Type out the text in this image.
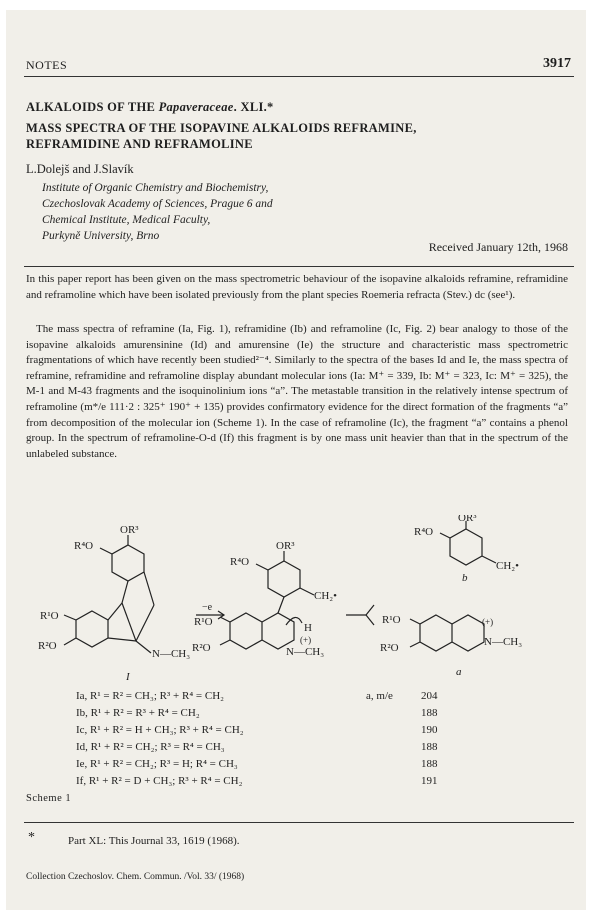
NOTES	3917
ALKALOIDS OF THE Papaveraceae. XLI.*
MASS SPECTRA OF THE ISOPAVINE ALKALOIDS REFRAMINE,
REFRAMIDINE AND REFRAMOLINE
L.Dolejš and J.Slavík
Institute of Organic Chemistry and Biochemistry,
Czechoslovak Academy of Sciences, Prague 6 and
Chemical Institute, Medical Faculty,
Purkyně University, Brno
Received January 12th, 1968
In this paper report has been given on the mass spectrometric behaviour of the isopavine alkaloids reframine, reframidine and reframoline which have been isolated previously from the plant species Roemeria refracta (Stev.) dc (see¹).
The mass spectra of reframine (Ia, Fig. 1), reframidine (Ib) and reframoline (Ic, Fig. 2) bear analogy to those of the isopavine alkaloids amurensinine (Id) and amurensine (Ie) the structure and characteristic mass spectrometric fragmentations of which have recently been studied²⁻⁴. Similarly to the spectra of the bases Id and Ie, the mass spectra of reframine, reframidine and reframoline display abundant molecular ions (Ia: M⁺ = 339, Ib: M⁺ = 323, Ic: M⁺ = 325), the M-1 and M-43 fragments and the isoquinolinium ions “a”. The metastable transition in the relatively intense spectrum of reframoline (m*/e 111·2 : 325⁺ 190⁺ + 135) provides confirmatory evidence for the direct formation of the fragments “a” from decomposition of the molecular ion (Scheme 1). In the case of reframoline (Ic), the fragment “a” contains a phenol group. In the spectrum of reframoline-O-d (If) this fragment is by one mass unit heavier than that in the spectrum of the unlabeled substance.
OR³
R⁴O
R¹O
R²O
N—CH₃
I
−e
OR³
R⁴O
CH₂•
H
(+)
N—CH₃
R¹O
R²O
OR³
R⁴O
CH₂•
b
(+)
R¹O
R²O	N—CH₃
a
Ia, R¹ = R² = CH₃; R³ + R⁴ = CH₂	a, m/e	204
Ib, R¹ + R² = R³ + R⁴ = CH₂	188
Ic, R¹ + R² = H + CH₃; R³ + R⁴ = CH₂	190
Id, R¹ + R² = CH₂; R³ = R⁴ = CH₃	188
Ie, R¹ + R² = CH₂; R³ = H; R⁴ = CH₃	188
If, R¹ + R² = D + CH₃; R³ + R⁴ = CH₂	191
Scheme 1
*	Part XL: This Journal 33, 1619 (1968).
Collection Czechoslov. Chem. Commun. /Vol. 33/ (1968)
